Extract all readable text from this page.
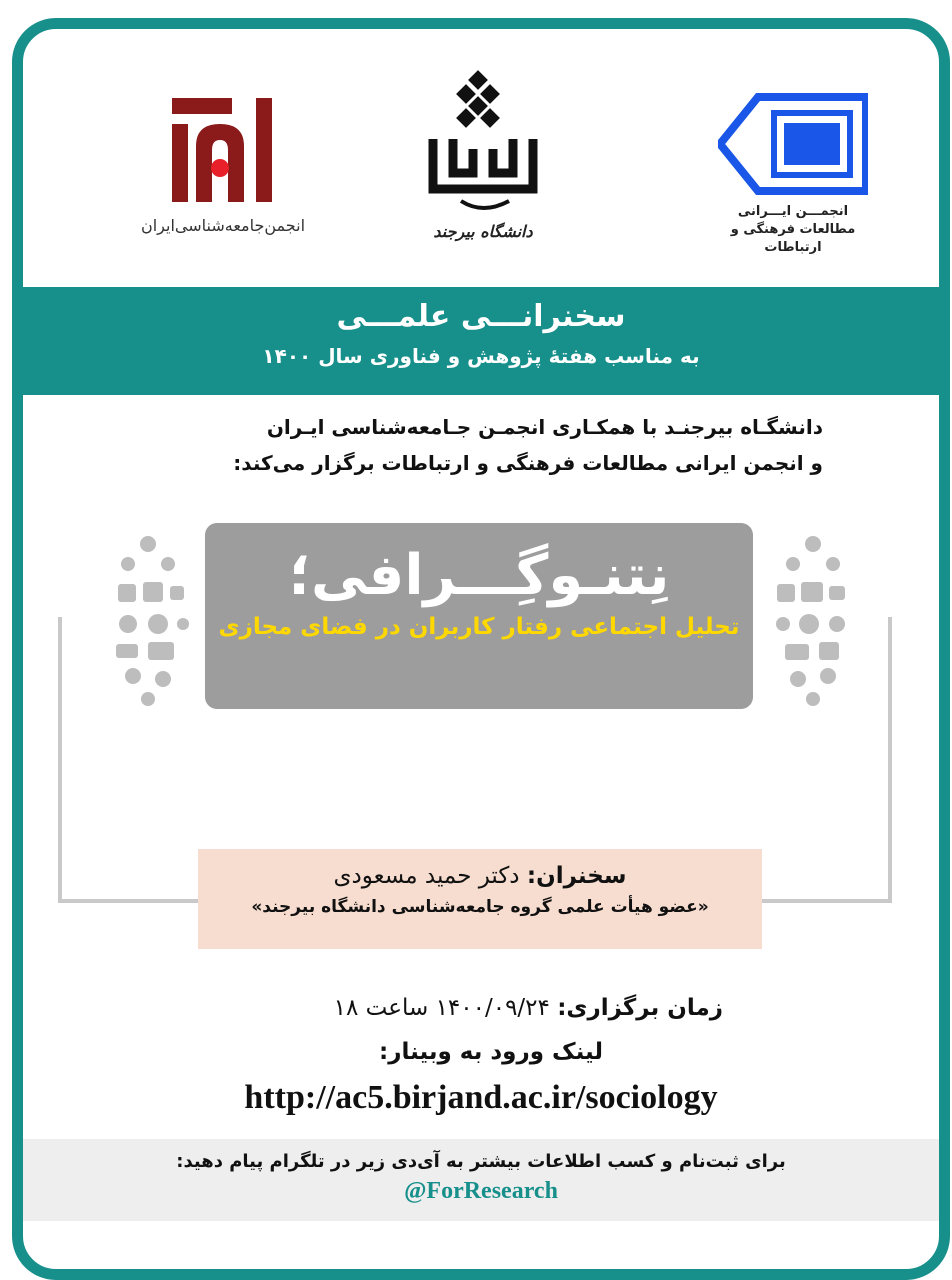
انجمـــن ایـــرانی
مطالعات فرهنگی و ارتباطات
دانشگاه بیرجند
انجمن‌جامعه‌شناسی‌ایران
سخنرانـــی علمـــی
به مناسب هفتهٔ پژوهش و فناوری سال ۱۴۰۰
دانشگـاه بیرجنـد با همکـاری انجمـن جـامعه‌شناسی ایـران
و انجمن ایرانی مطالعات فرهنگی و ارتباطات برگزار می‌کند:
نِتنـوگِـــرافی؛
تحلیل اجتماعی رفتار کاربران در فضای مجازی
سخنران: دکتر حمید مسعودی
«عضو هیأت علمی گروه جامعه‌شناسی دانشگاه بیرجند»
زمان برگزاری: ۱۴۰۰/۰۹/۲۴ ساعت ۱۸
لینک ورود به وبینار:
http://ac5.birjand.ac.ir/sociology
برای ثبت‌نام و کسب اطلاعات بیشتر به آی‌دی زیر در تلگرام پیام دهید:
@ForResearch
